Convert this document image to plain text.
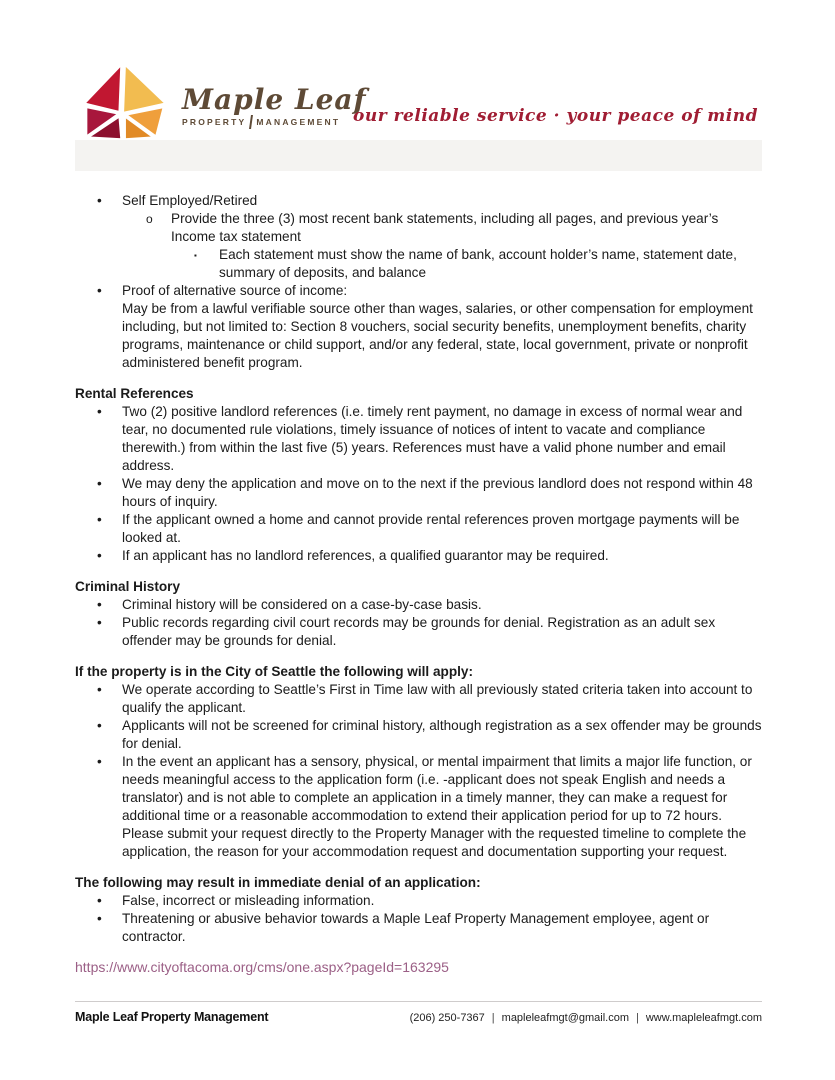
Maple Leaf
PROPERTY MANAGEMENT our reliable service · your peace of mind
•	Self Employed/Retired
o	Provide the three (3) most recent bank statements, including all pages, and previous year’s Income tax statement
▪	Each statement must show the name of bank, account holder’s name, statement date, summary of deposits, and balance
•	Proof of alternative source of income:
May be from a lawful verifiable source other than wages, salaries, or other compensation for employment including, but not limited to: Section 8 vouchers, social security benefits, unemployment benefits, charity programs, maintenance or child support, and/or any federal, state, local government, private or nonprofit administered benefit program.
Rental References
•	Two (2) positive landlord references (i.e. timely rent payment, no damage in excess of normal wear and tear, no documented rule violations, timely issuance of notices of intent to vacate and compliance therewith.) from within the last five (5) years. References must have a valid phone number and email address.
•	We may deny the application and move on to the next if the previous landlord does not respond within 48 hours of inquiry.
•	If the applicant owned a home and cannot provide rental references proven mortgage payments will be looked at.
•	If an applicant has no landlord references, a qualified guarantor may be required.
Criminal History
•	Criminal history will be considered on a case-by-case basis.
•	Public records regarding civil court records may be grounds for denial. Registration as an adult sex offender may be grounds for denial.
If the property is in the City of Seattle the following will apply:
•	We operate according to Seattle’s First in Time law with all previously stated criteria taken into account to qualify the applicant.
•	Applicants will not be screened for criminal history, although registration as a sex offender may be grounds for denial.
•	In the event an applicant has a sensory, physical, or mental impairment that limits a major life function, or needs meaningful access to the application form (i.e. -applicant does not speak English and needs a translator) and is not able to complete an application in a timely manner, they can make a request for additional time or a reasonable accommodation to extend their application period for up to 72 hours. Please submit your request directly to the Property Manager with the requested timeline to complete the application, the reason for your accommodation request and documentation supporting your request.
The following may result in immediate denial of an application:
•	False, incorrect or misleading information.
•	Threatening or abusive behavior towards a Maple Leaf Property Management employee, agent or contractor.
https://www.cityoftacoma.org/cms/one.aspx?pageId=163295
Maple Leaf Property Management	(206) 250-7367 | mapleleafmgt@gmail.com | www.mapleleafmgt.com
